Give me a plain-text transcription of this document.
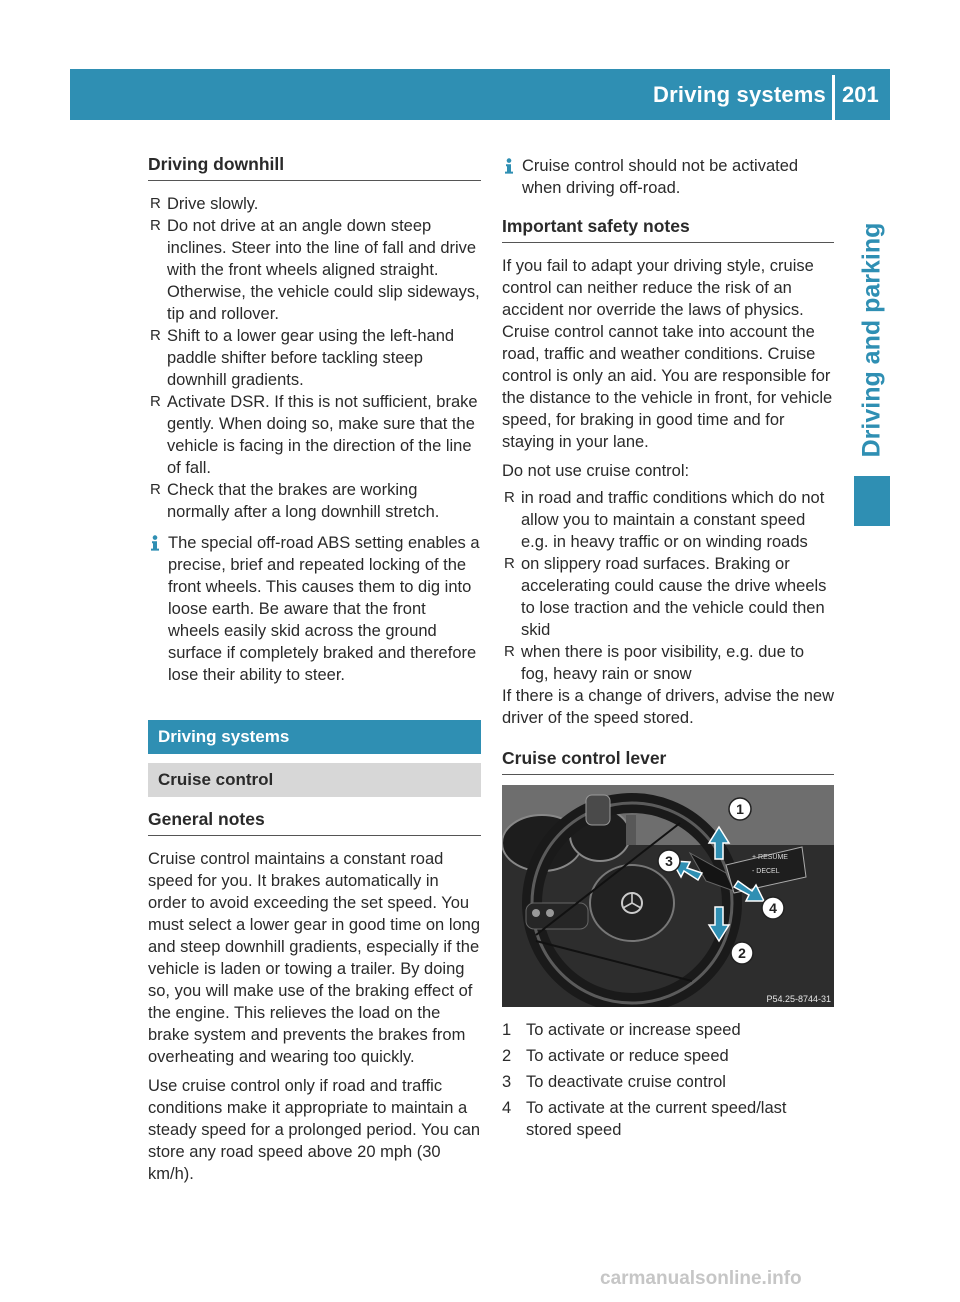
Driving systems 201
Driving and parking
Driving downhill

R Drive slowly.

R Do not drive at an angle down steep inclines. Steer into the line of fall and drive with the front wheels aligned straight. Otherwise, the vehicle could slip sideways, tip and rollover.

R Shift to a lower gear using the left-hand paddle shifter before tackling steep downhill gradients.

R Activate DSR. If this is not sufficient, brake gently. When doing so, make sure that the vehicle is facing in the direction of the line of fall.

R Check that the brakes are working normally after a long downhill stretch.

The special off-road ABS setting enables a precise, brief and repeated locking of the front wheels. This causes them to dig into loose earth. Be aware that the front wheels easily skid across the ground surface if completely braked and therefore lose their ability to steer.

Driving systems
Cruise control
General notes

Cruise control maintains a constant road speed for you. It brakes automatically in order to avoid exceeding the set speed. You must select a lower gear in good time on long and steep downhill gradients, especially if the vehicle is laden or towing a trailer. By doing so, you will make use of the braking effect of the engine. This relieves the load on the brake system and prevents the brakes from overheating and wearing too quickly.

Use cruise control only if road and traffic conditions make it appropriate to maintain a steady speed for a prolonged period. You can store any road speed above 20 mph (30 km/h).

Cruise control should not be activated when driving off-road.

Important safety notes

If you fail to adapt your driving style, cruise control can neither reduce the risk of an accident nor override the laws of physics. Cruise control cannot take into account the road, traffic and weather conditions. Cruise control is only an aid. You are responsible for the distance to the vehicle in front, for vehicle speed, for braking in good time and for staying in your lane.

Do not use cruise control:

R in road and traffic conditions which do not allow you to maintain a constant speed e.g. in heavy traffic or on winding roads

R on slippery road surfaces. Braking or accelerating could cause the drive wheels to lose traction and the vehicle could then skid

R when there is poor visibility, e.g. due to fog, heavy rain or snow

If there is a change of drivers, advise the new driver of the speed stored.

Cruise control lever
+ RESUME
- DECEL
1
2
3
4
P54.25-8744-31

1 To activate or increase speed

2 To activate or reduce speed

3 To deactivate cruise control

4 To activate at the current speed/last stored speed

carmanualsonline.info
